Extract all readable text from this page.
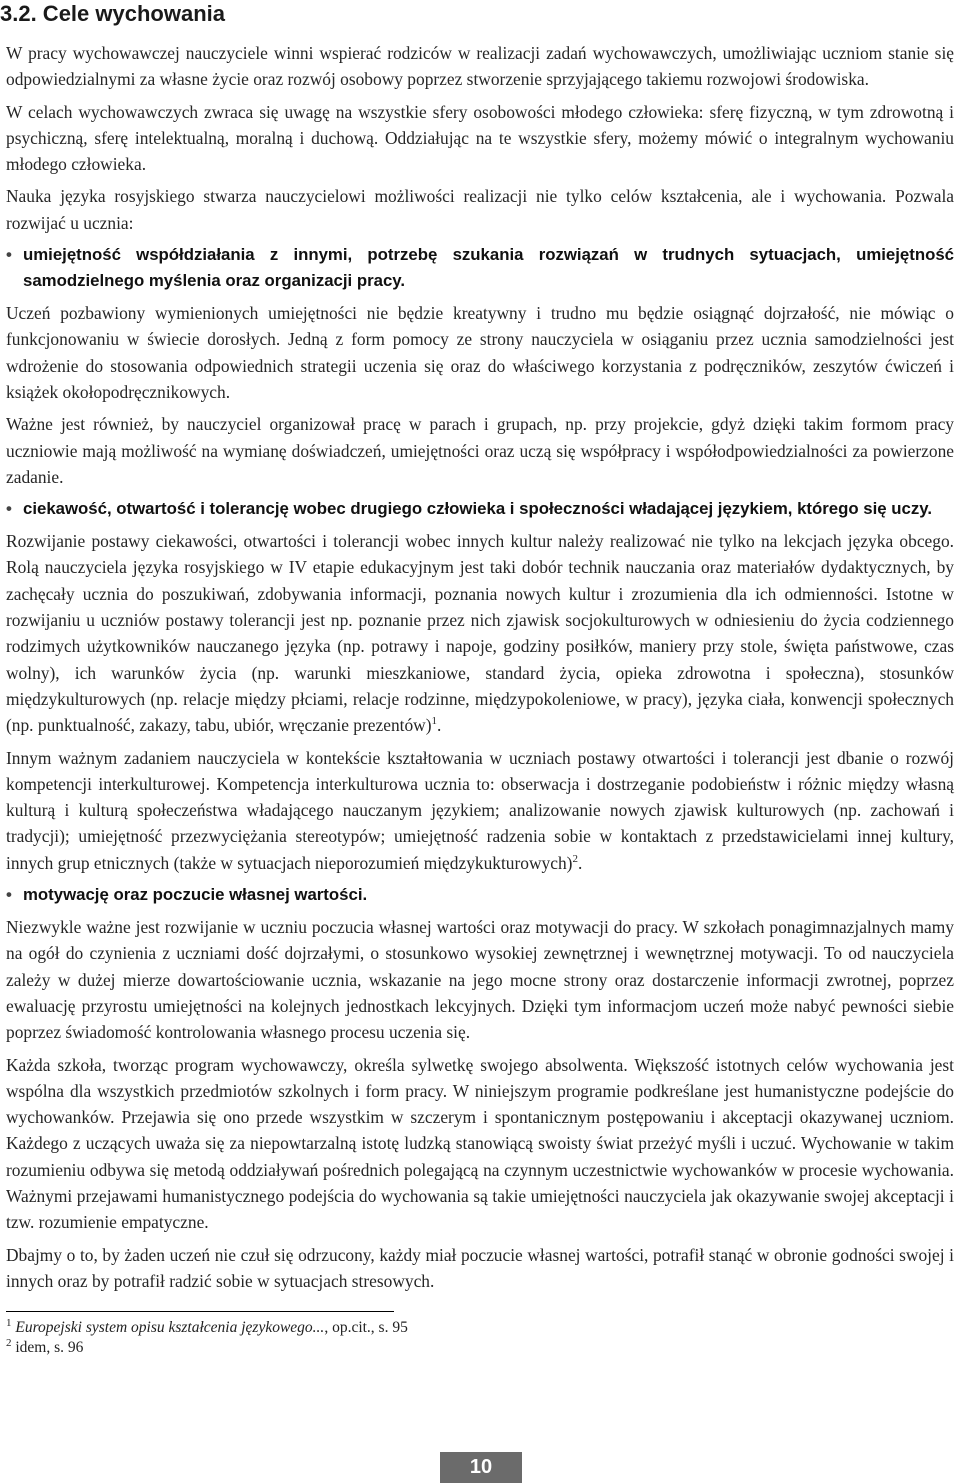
3.2. Cele wychowania

W pracy wychowawczej nauczyciele winni wspierać rodziców w realizacji zadań wychowawczych, umożliwiając uczniom stanie się odpowiedzialnymi za własne życie oraz rozwój osobowy poprzez stworzenie sprzyjającego takiemu rozwojowi środowiska.

W celach wychowawczych zwraca się uwagę na wszystkie sfery osobowości młodego człowieka: sferę fizyczną, w tym zdrowotną i psychiczną, sferę intelektualną, moralną i duchową. Oddziałując na te wszystkie sfery, możemy mówić o integralnym wychowaniu młodego człowieka.

Nauka języka rosyjskiego stwarza nauczycielowi możliwości realizacji nie tylko celów kształcenia, ale i wychowania. Pozwala rozwijać u ucznia:

• umiejętność współdziałania z innymi, potrzebę szukania rozwiązań w trudnych sytuacjach, umiejętność samodzielnego myślenia oraz organizacji pracy.

Uczeń pozbawiony wymienionych umiejętności nie będzie kreatywny i trudno mu będzie osiągnąć dojrzałość, nie mówiąc o funkcjonowaniu w świecie dorosłych. Jedną z form pomocy ze strony nauczyciela w osiąganiu przez ucznia samodzielności jest wdrożenie do stosowania odpowiednich strategii uczenia się oraz do właściwego korzystania z podręczników, zeszytów ćwiczeń i książek okołopodręcznikowych.

Ważne jest również, by nauczyciel organizował pracę w parach i grupach, np. przy projekcie, gdyż dzięki takim formom pracy uczniowie mają możliwość na wymianę doświadczeń, umiejętności oraz uczą się współpracy i współodpowiedzialności za powierzone zadanie.

• ciekawość, otwartość i tolerancję wobec drugiego człowieka i społeczności władającej językiem, którego się uczy.

Rozwijanie postawy ciekawości, otwartości i tolerancji wobec innych kultur należy realizować nie tylko na lekcjach języka obcego. Rolą nauczyciela języka rosyjskiego w IV etapie edukacyjnym jest taki dobór technik nauczania oraz materiałów dydaktycznych, by zachęcały ucznia do poszukiwań, zdobywania informacji, poznania nowych kultur i zrozumienia dla ich odmienności. Istotne w rozwijaniu u uczniów postawy tolerancji jest np. poznanie przez nich zjawisk socjokulturowych w odniesieniu do życia codziennego rodzimych użytkowników nauczanego języka (np. potrawy i napoje, godziny posiłków, maniery przy stole, święta państwowe, czas wolny), ich warunków życia (np. warunki mieszkaniowe, standard życia, opieka zdrowotna i społeczna), stosunków międzykulturowych (np. relacje między płciami, relacje rodzinne, międzypokoleniowe, w pracy), języka ciała, konwencji społecznych (np. punktualność, zakazy, tabu, ubiór, wręczanie prezentów)$^1$.

Innym ważnym zadaniem nauczyciela w kontekście kształtowania w uczniach postawy otwartości i tolerancji jest dbanie o rozwój kompetencji interkulturowej. Kompetencja interkulturowa ucznia to: obserwacja i dostrzeganie podobieństw i różnic między własną kulturą i kulturą społeczeństwa władającego nauczanym językiem; analizowanie nowych zjawisk kulturowych (np. zachowań i tradycji); umiejętność przezwyciężania stereotypów; umiejętność radzenia sobie w kontaktach z przedstawicielami innej kultury, innych grup etnicznych (także w sytuacjach nieporozumień międzykukturowych)$^2$.

• motywację oraz poczucie własnej wartości.

Niezwykle ważne jest rozwijanie w uczniu poczucia własnej wartości oraz motywacji do pracy. W szkołach ponagimnazjalnych mamy na ogół do czynienia z uczniami dość dojrzałymi, o stosunkowo wysokiej zewnętrznej i wewnętrznej motywacji. To od nauczyciela zależy w dużej mierze dowartościowanie ucznia, wskazanie na jego mocne strony oraz dostarczenie informacji zwrotnej, poprzez ewaluację przyrostu umiejętności na kolejnych jednostkach lekcyjnych. Dzięki tym informacjom uczeń może nabyć pewności siebie poprzez świadomość kontrolowania własnego procesu uczenia się.

Każda szkoła, tworząc program wychowawczy, określa sylwetkę swojego absolwenta. Większość istotnych celów wychowania jest wspólna dla wszystkich przedmiotów szkolnych i form pracy. W niniejszym programie podkreślane jest humanistyczne podejście do wychowanków. Przejawia się ono przede wszystkim w szczerym i spontanicznym postępowaniu i akceptacji okazywanej uczniom. Każdego z uczących uważa się za niepowtarzalną istotę ludzką stanowiącą swoisty świat przeżyć myśli i uczuć. Wychowanie w takim rozumieniu odbywa się metodą oddziaływań pośrednich polegającą na czynnym uczestnictwie wychowanków w procesie wychowania. Ważnymi przejawami humanistycznego podejścia do wychowania są takie umiejętności nauczyciela jak okazywanie swojej akceptacji i tzw. rozumienie empatyczne.

Dbajmy o to, by żaden uczeń nie czuł się odrzucony, każdy miał poczucie własnej wartości, potrafił stanąć w obronie godności swojej i innych oraz by potrafił radzić sobie w sytuacjach stresowych.

$^1$ Europejski system opisu kształcenia językowego..., op.cit., s. 95
$^2$ idem, s. 96
10
